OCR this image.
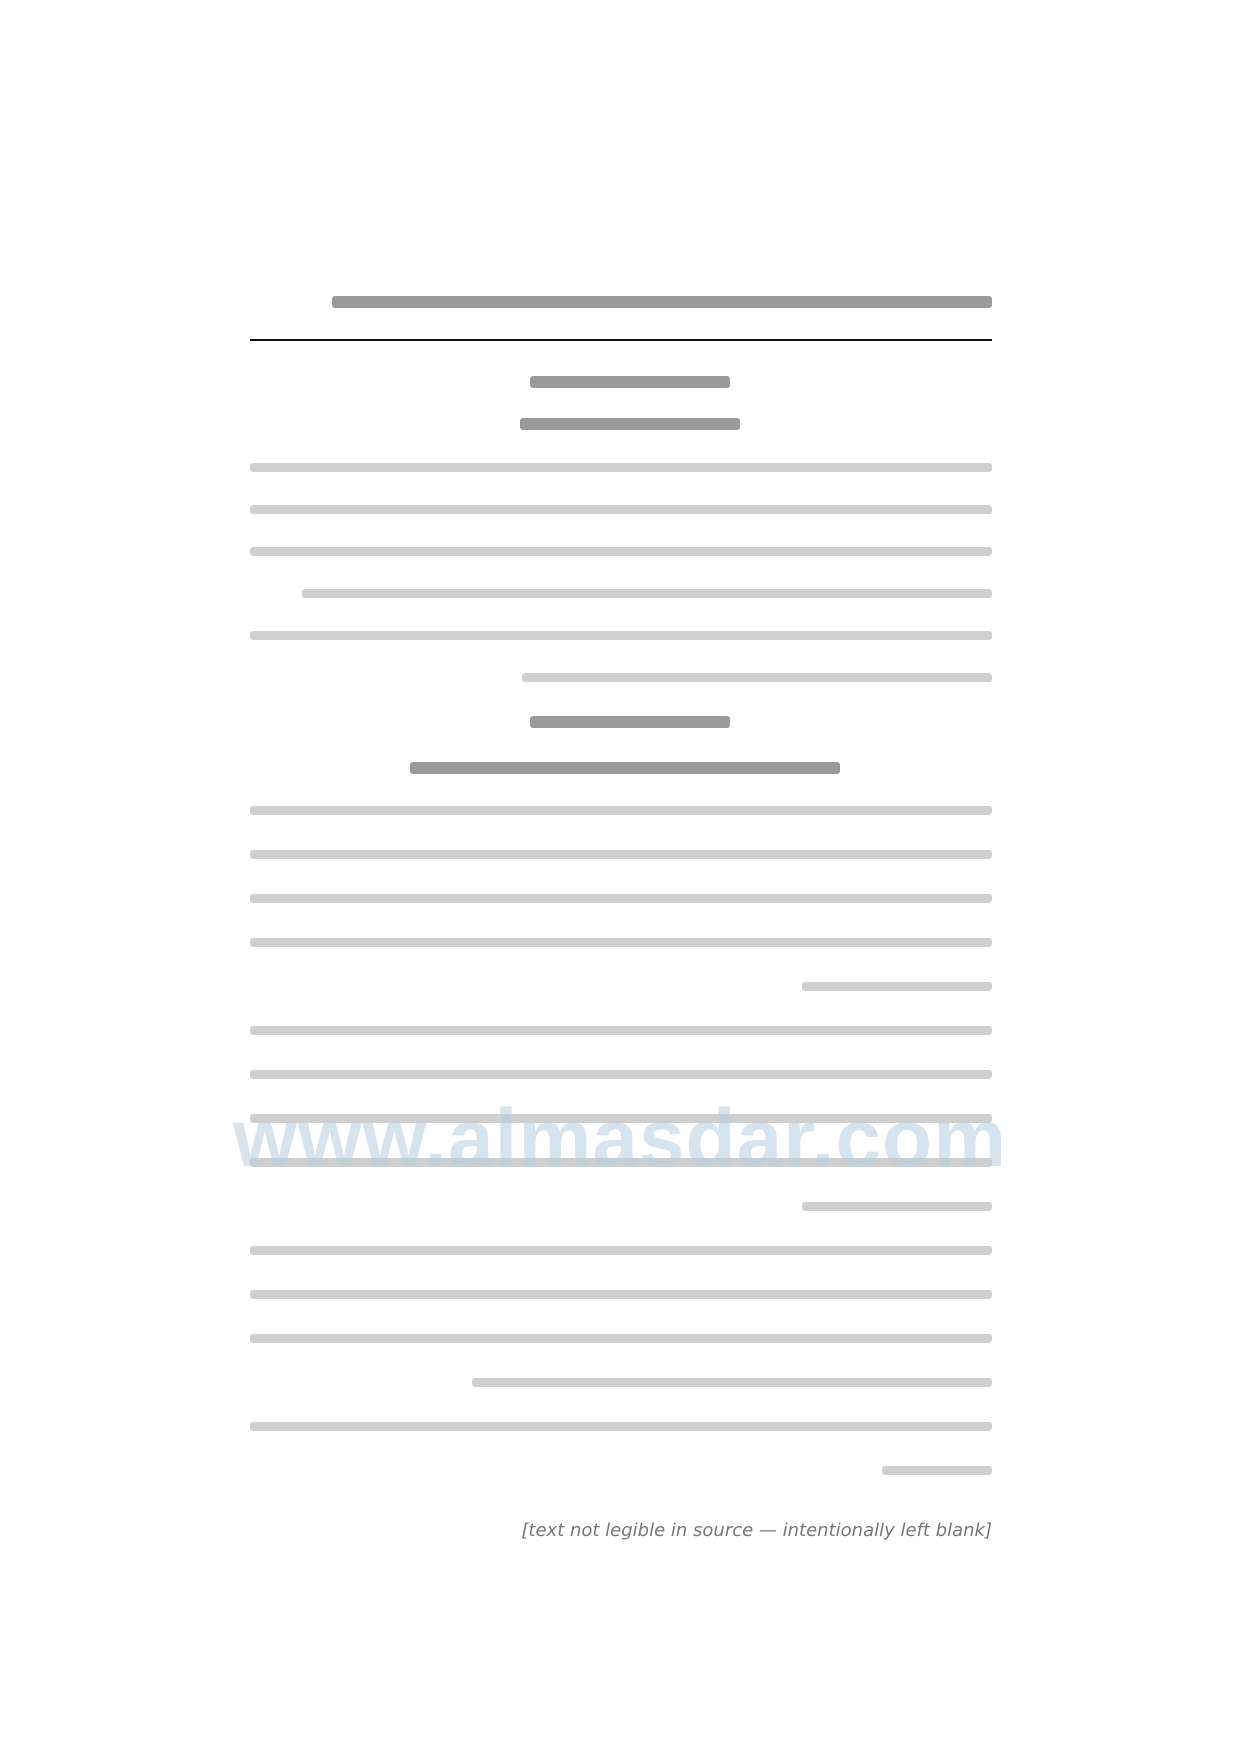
[text not legible in source — intentionally left blank]
www.almasdar.com
